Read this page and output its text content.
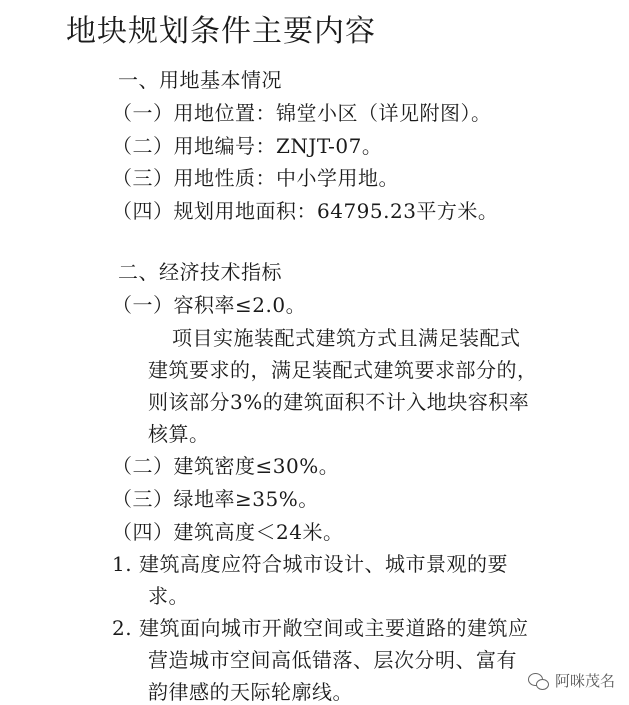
地块规划条件主要内容
一、用地基本情况
（一）用地位置：锦堂小区（详见附图）。
（二）用地编号：ZNJT-07。
（三）用地性质：中小学用地。
（四）规划用地面积：64795.23平方米。
二、经济技术指标
（一）容积率≤2.0。
项目实施装配式建筑方式且满足装配式
建筑要求的，满足装配式建筑要求部分的，
则该部分3%的建筑面积不计入地块容积率
核算。
（二）建筑密度≤30%。
（三）绿地率≥35%。
（四）建筑高度＜24米。
1. 建筑高度应符合城市设计、城市景观的要
求。
2. 建筑面向城市开敞空间或主要道路的建筑应
营造城市空间高低错落、层次分明、富有
韵律感的天际轮廓线。	阿咪茂名
